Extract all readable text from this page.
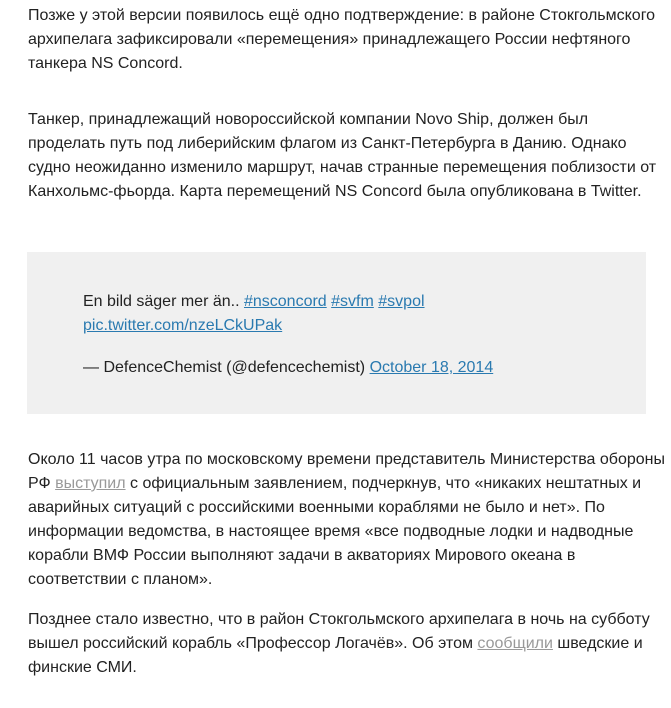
Позже у этой версии появилось ещё одно подтверждение: в районе Стокгольмского архипелага зафиксировали «перемещения» принадлежащего России нефтяного танкера NS Concord.

Танкер, принадлежащий новороссийской компании Novo Ship, должен был проделать путь под либерийским флагом из Санкт-Петербурга в Данию. Однако судно неожиданно изменило маршрут, начав странные перемещения поблизости от Канхольмс-фьорда. Карта перемещений NS Concord была опубликована в Twitter.

En bild säger mer än.. #nsconcord #svfm #svpol
pic.twitter.com/nzeLCkUPak
— DefenceChemist (@defencechemist) October 18, 2014

Около 11 часов утра по московскому времени представитель Министерства обороны РФ выступил с официальным заявлением, подчеркнув, что «никаких нештатных и аварийных ситуаций с российскими военными кораблями не было и нет». По информации ведомства, в настоящее время «все подводные лодки и надводные корабли ВМФ России выполняют задачи в акваториях Мирового океана в соответствии с планом».

Позднее стало известно, что в район Стокгольмского архипелага в ночь на субботу вышел российский корабль «Профессор Логачёв». Об этом сообщили шведские и финские СМИ.
